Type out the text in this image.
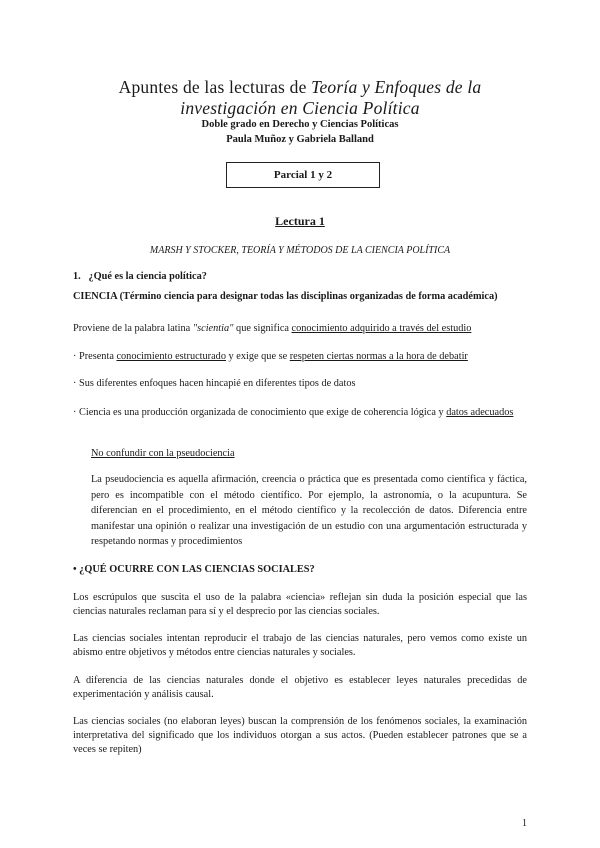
Apuntes de las lecturas de Teoría y Enfoques de la
investigación en Ciencia Política
Doble grado en Derecho y Ciencias Políticas
Paula Muñoz y Gabriela Balland
Parcial 1 y 2
Lectura 1
MARSH Y STOCKER, TEORÍA Y MÉTODOS DE LA CIENCIA POLÍTICA
1. ¿Qué es la ciencia política?
CIENCIA (Término ciencia para designar todas las disciplinas organizadas de forma académica)
Proviene de la palabra latina "scientia" que significa conocimiento adquirido a través del estudio
· Presenta conocimiento estructurado y exige que se respeten ciertas normas a la hora de debatir
· Sus diferentes enfoques hacen hincapié en diferentes tipos de datos
· Ciencia es una producción organizada de conocimiento que exige de coherencia lógica y datos adecuados
No confundir con la pseudociencia
La pseudociencia es aquella afirmación, creencia o práctica que es presentada como científica y fáctica, pero es incompatible con el método científico. Por ejemplo, la astronomía, o la acupuntura. Se diferencian en el procedimiento, en el método científico y la recolección de datos. Diferencia entre manifestar una opinión o realizar una investigación de un estudio con una argumentación estructurada y respetando normas y procedimientos
• ¿QUÉ OCURRE CON LAS CIENCIAS SOCIALES?
Los escrúpulos que suscita el uso de la palabra «ciencia» reflejan sin duda la posición especial que las ciencias naturales reclaman para sí y el desprecio por las ciencias sociales.
Las ciencias sociales intentan reproducir el trabajo de las ciencias naturales, pero vemos como existe un abismo entre objetivos y métodos entre ciencias naturales y sociales.
A diferencia de las ciencias naturales donde el objetivo es establecer leyes naturales precedidas de experimentación y análisis causal.
Las ciencias sociales (no elaboran leyes) buscan la comprensión de los fenómenos sociales, la examinación interpretativa del significado que los individuos otorgan a sus actos. (Pueden establecer patrones que se a veces se repiten)
1
